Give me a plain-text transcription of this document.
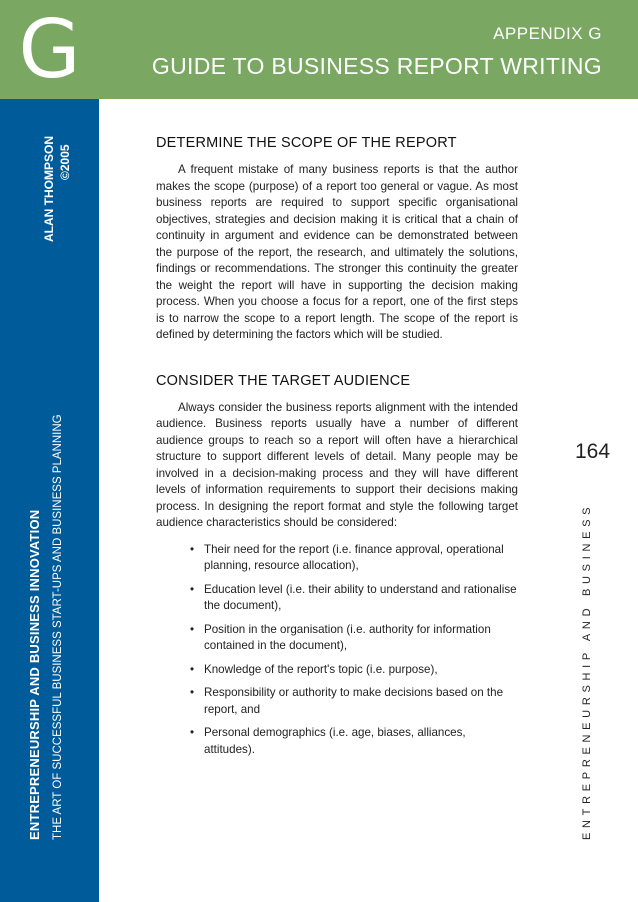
G	APPENDIX G
GUIDE TO BUSINESS REPORT WRITING
ALAN THOMPSON ©2005
ENTREPRENEURSHIP AND BUSINESS INNOVATION THE ART OF SUCCESSFUL BUSINESS START-UPS AND BUSINESS PLANNING	164
ENTREPRENEURSHIP AND BUSINESS
DETERMINE THE SCOPE OF THE REPORT

A frequent mistake of many business reports is that the author makes the scope (purpose) of a report too general or vague. As most business reports are required to support specific organisational objectives, strategies and decision making it is critical that a chain of continuity in argument and evidence can be demonstrated between the purpose of the report, the research, and ultimately the solutions, findings or recommendations. The stronger this continuity the greater the weight the report will have in supporting the decision making process. When you choose a focus for a report, one of the first steps is to narrow the scope to a report length. The scope of the report is defined by determining the factors which will be studied.

CONSIDER THE TARGET AUDIENCE

Always consider the business reports alignment with the intended audience. Business reports usually have a number of different audience groups to reach so a report will often have a hierarchical structure to support different levels of detail. Many people may be involved in a decision-making process and they will have different levels of information requirements to support their decisions making process. In designing the report format and style the following target audience characteristics should be considered:

• Their need for the report (i.e. finance approval, operational planning, resource allocation),
• Education level (i.e. their ability to understand and rationalise the document),
• Position in the organisation (i.e. authority for information contained in the document),
• Knowledge of the report's topic (i.e. purpose),
• Responsibility or authority to make decisions based on the report, and
• Personal demographics (i.e. age, biases, alliances, attitudes).
